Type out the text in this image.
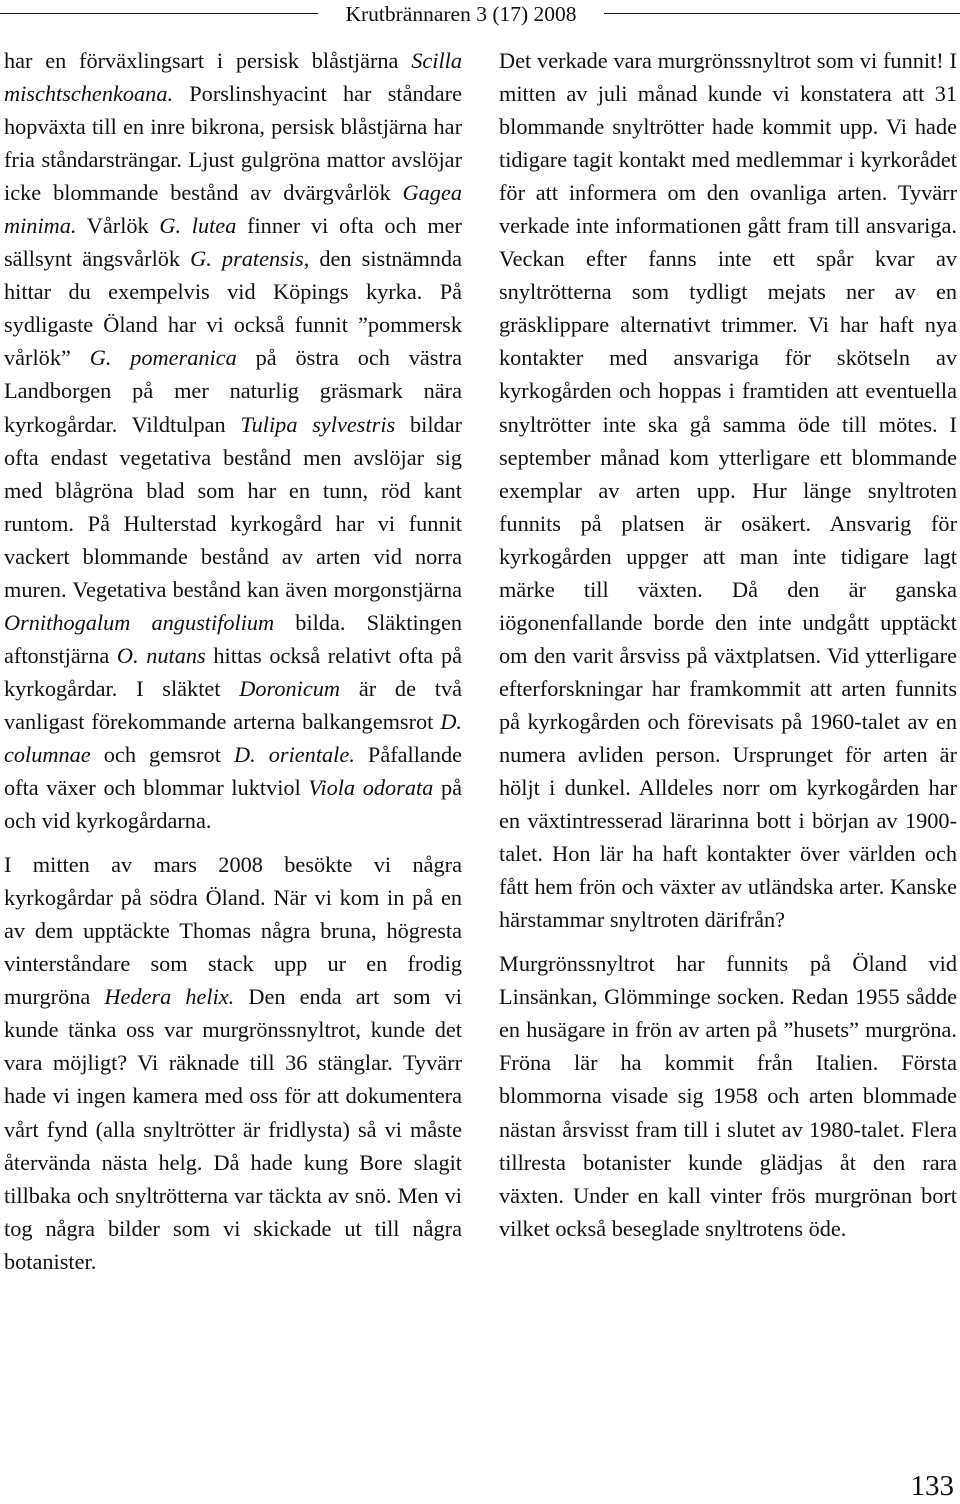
Krutbrännaren 3 (17) 2008

har en förväxlingsart i persisk blåstjärna Scilla mischtschenkoana. Porslinshyacint har ståndare hopväxta till en inre bikrona, persisk blåstjärna har fria ståndarsträngar. Ljust gulgröna mattor avslöjar icke blommande bestånd av dvärgvårlök Gagea minima. Vårlök G. lutea finner vi ofta och mer sällsynt ängsvårlök G. pratensis, den sistnämnda hittar du exempelvis vid Köpings kyrka. På sydligaste Öland har vi också funnit ”pommersk vårlök” G. pomeranica på östra och västra Landborgen på mer naturlig gräsmark nära kyrkogårdar. Vildtulpan Tulipa sylvestris bildar ofta endast vegetativa bestånd men avslöjar sig med blågröna blad som har en tunn, röd kant runtom. På Hulterstad kyrkogård har vi funnit vackert blommande bestånd av arten vid norra muren. Vegetativa bestånd kan även morgonstjärna Ornithogalum angustifolium bilda. Släktingen aftonstjärna O. nutans hittas också relativt ofta på kyrkogårdar. I släktet Doronicum är de två vanligast förekommande arterna balkangemsrot D. columnae och gemsrot D. orientale. Påfallande ofta växer och blommar luktviol Viola odorata på och vid kyrkogårdarna.

I mitten av mars 2008 besökte vi några kyrkogårdar på södra Öland. När vi kom in på en av dem upptäckte Thomas några bruna, högresta vinterståndare som stack upp ur en frodig murgröna Hedera helix. Den enda art som vi kunde tänka oss var murgrönssnyltrot, kunde det vara möjligt? Vi räknade till 36 stänglar. Tyvärr hade vi ingen kamera med oss för att dokumentera vårt fynd (alla snyltrötter är fridlysta) så vi måste återvända nästa helg. Då hade kung Bore slagit tillbaka och snyltrötterna var täckta av snö. Men vi tog några bilder som vi skickade ut till några botanister.

Det verkade vara murgrönssnyltrot som vi funnit! I mitten av juli månad kunde vi konstatera att 31 blommande snyltrötter hade kommit upp. Vi hade tidigare tagit kontakt med medlemmar i kyrkorådet för att informera om den ovanliga arten. Tyvärr verkade inte informationen gått fram till ansvariga. Veckan efter fanns inte ett spår kvar av snyltrötterna som tydligt mejats ner av en gräsklippare alternativt trimmer. Vi har haft nya kontakter med ansvariga för skötseln av kyrkogården och hoppas i framtiden att eventuella snyltrötter inte ska gå samma öde till mötes. I september månad kom ytterligare ett blommande exemplar av arten upp. Hur länge snyltroten funnits på platsen är osäkert. Ansvarig för kyrkogården uppger att man inte tidigare lagt märke till växten. Då den är ganska iögonenfallande borde den inte undgått upptäckt om den varit årsviss på växtplatsen. Vid ytterligare efterforskningar har framkommit att arten funnits på kyrkogården och förevisats på 1960-talet av en numera avliden person. Ursprunget för arten är höljt i dunkel. Alldeles norr om kyrkogården har en växtintresserad lärarinna bott i början av 1900-talet. Hon lär ha haft kontakter över världen och fått hem frön och växter av utländska arter. Kanske härstammar snyltroten därifrån?

Murgrönssnyltrot har funnits på Öland vid Linsänkan, Glömminge socken. Redan 1955 sådde en husägare in frön av arten på ”husets” murgröna. Fröna lär ha kommit från Italien. Första blommorna visade sig 1958 och arten blommade nästan årsvisst fram till i slutet av 1980-talet. Flera tillresta botanister kunde glädjas åt den rara växten. Under en kall vinter frös murgrönan bort vilket också beseglade snyltrotens öde.

133
